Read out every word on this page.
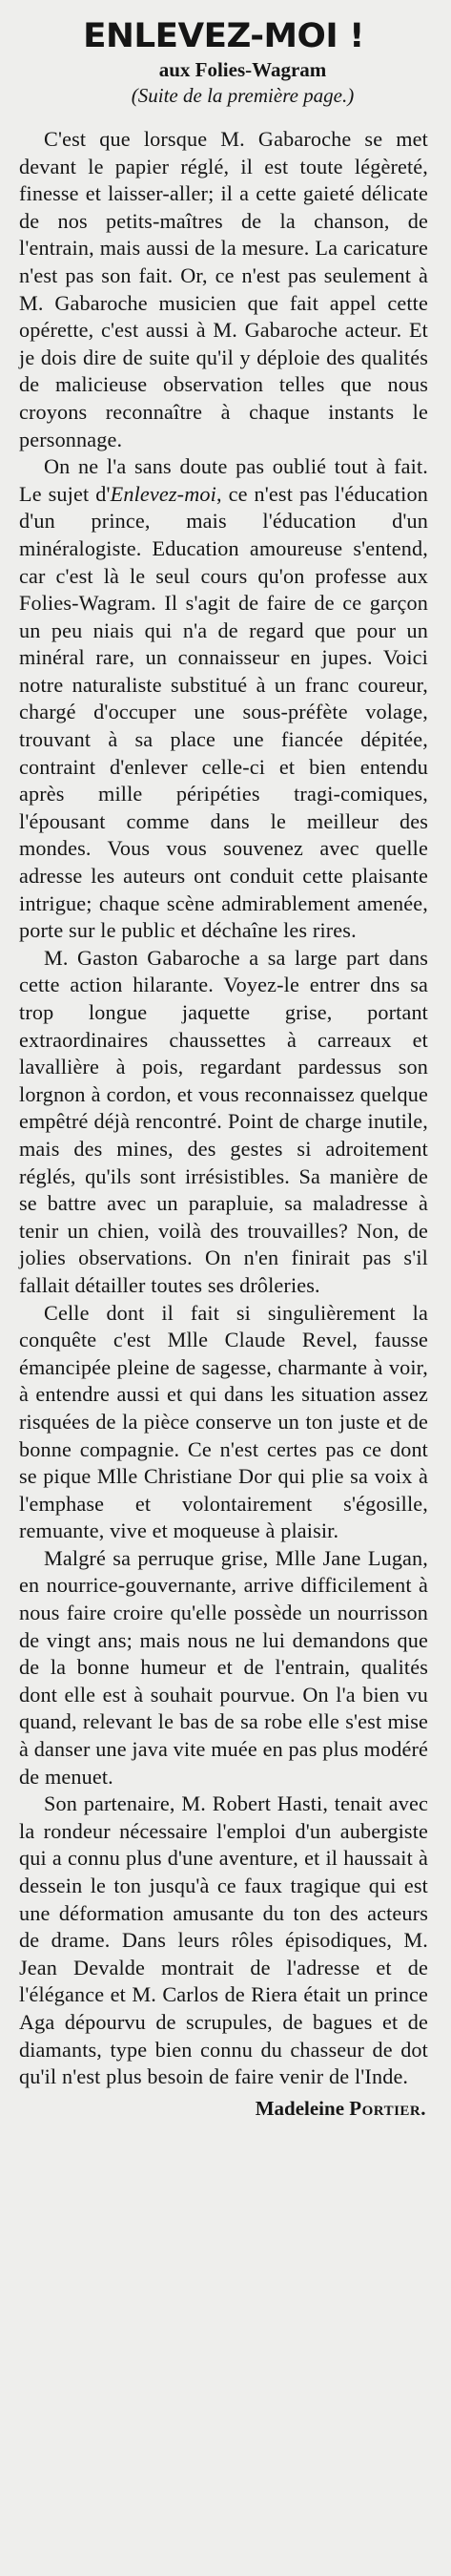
ENLEVEZ-MOI !
aux Folies-Wagram
(Suite de la première page.)

C'est que lorsque M. Gabaroche se met devant le papier réglé, il est toute légèreté, finesse et laisser-aller; il a cette gaieté délicate de nos petits-maîtres de la chanson, de l'entrain, mais aussi de la mesure. La caricature n'est pas son fait. Or, ce n'est pas seulement à M. Gabaroche musicien que fait appel cette opérette, c'est aussi à M. Gabaroche acteur. Et je dois dire de suite qu'il y déploie des qualités de malicieuse observation telles que nous croyons reconnaître à chaque instants le personnage.

On ne l'a sans doute pas oublié tout à fait. Le sujet d'Enlevez-moi, ce n'est pas l'éducation d'un prince, mais l'éducation d'un minéralogiste. Education amoureuse s'entend, car c'est là le seul cours qu'on professe aux Folies-Wagram. Il s'agit de faire de ce garçon un peu niais qui n'a de regard que pour un minéral rare, un connaisseur en jupes. Voici notre naturaliste substitué à un franc coureur, chargé d'occuper une sous-préfète volage, trouvant à sa place une fiancée dépitée, contraint d'enlever celle-ci et bien entendu après mille péripéties tragi-comiques, l'épousant comme dans le meilleur des mondes. Vous vous souvenez avec quelle adresse les auteurs ont conduit cette plaisante intrigue; chaque scène admirablement amenée, porte sur le public et déchaîne les rires.

M. Gaston Gabaroche a sa large part dans cette action hilarante. Voyez-le entrer dns sa trop longue jaquette grise, portant extraordinaires chaussettes à carreaux et lavallière à pois, regardant pardessus son lorgnon à cordon, et vous reconnaissez quelque empêtré déjà rencontré. Point de charge inutile, mais des mines, des gestes si adroitement réglés, qu'ils sont irrésistibles. Sa manière de se battre avec un parapluie, sa maladresse à tenir un chien, voilà des trouvailles? Non, de jolies observations. On n'en finirait pas s'il fallait détailler toutes ses drôleries.

Celle dont il fait si singulièrement la conquête c'est Mlle Claude Revel, fausse émancipée pleine de sagesse, charmante à voir, à entendre aussi et qui dans les situation assez risquées de la pièce conserve un ton juste et de bonne compagnie. Ce n'est certes pas ce dont se pique Mlle Christiane Dor qui plie sa voix à l'emphase et volontairement s'égosille, remuante, vive et moqueuse à plaisir.

Malgré sa perruque grise, Mlle Jane Lugan, en nourrice-gouvernante, arrive difficilement à nous faire croire qu'elle possède un nourrisson de vingt ans; mais nous ne lui demandons que de la bonne humeur et de l'entrain, qualités dont elle est à souhait pourvue. On l'a bien vu quand, relevant le bas de sa robe elle s'est mise à danser une java vite muée en pas plus modéré de menuet.

Son partenaire, M. Robert Hasti, tenait avec la rondeur nécessaire l'emploi d'un aubergiste qui a connu plus d'une aventure, et il haussait à dessein le ton jusqu'à ce faux tragique qui est une déformation amusante du ton des acteurs de drame. Dans leurs rôles épisodiques, M. Jean Devalde montrait de l'adresse et de l'élégance et M. Carlos de Riera était un prince Aga dépourvu de scrupules, de bagues et de diamants, type bien connu du chasseur de dot qu'il n'est plus besoin de faire venir de l'Inde.

Madeleine Portier.
